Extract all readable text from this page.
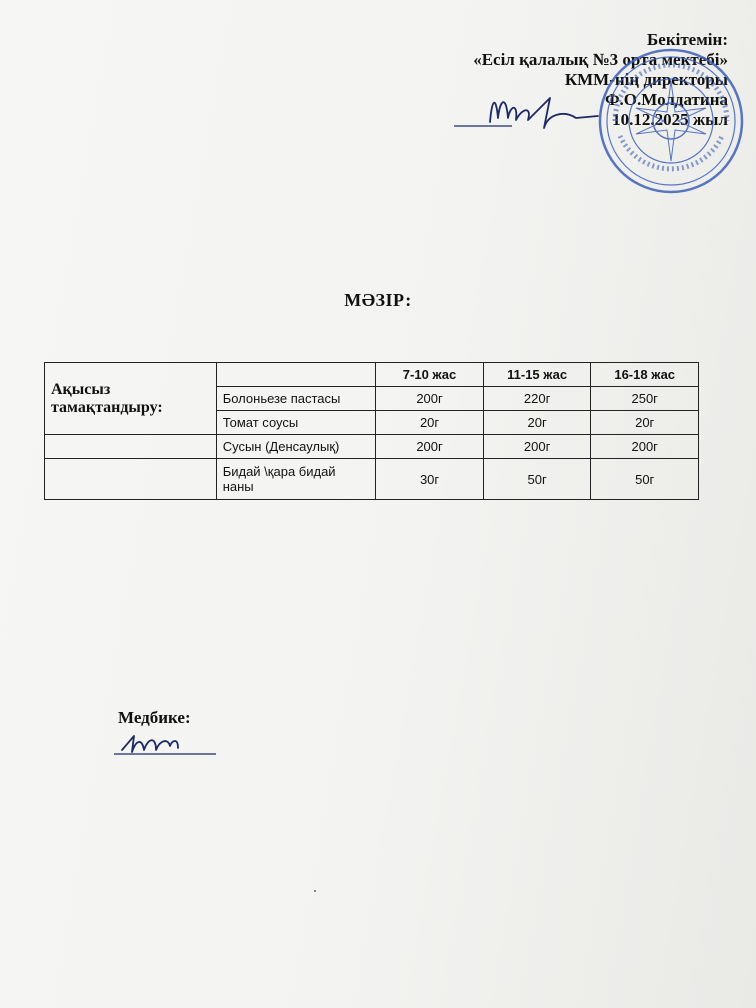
Бекітемін:
«Есіл қалалық №3 орта мектебі»
КММ-нің директоры
Ф.О.Молдатина
10.12.2025 жыл
МӘЗІР:
Ақысыз тамақтандыру:		7-10 жас	11-15 жас	16-18 жас
	Болоньезе пастасы	200г	220г	250г
	Томат соусы	20г	20г	20г
	Сусын (Денсаулық)	200г	200г	200г
	Бидай \қара бидай наны	30г	50г	50г
Медбике:
